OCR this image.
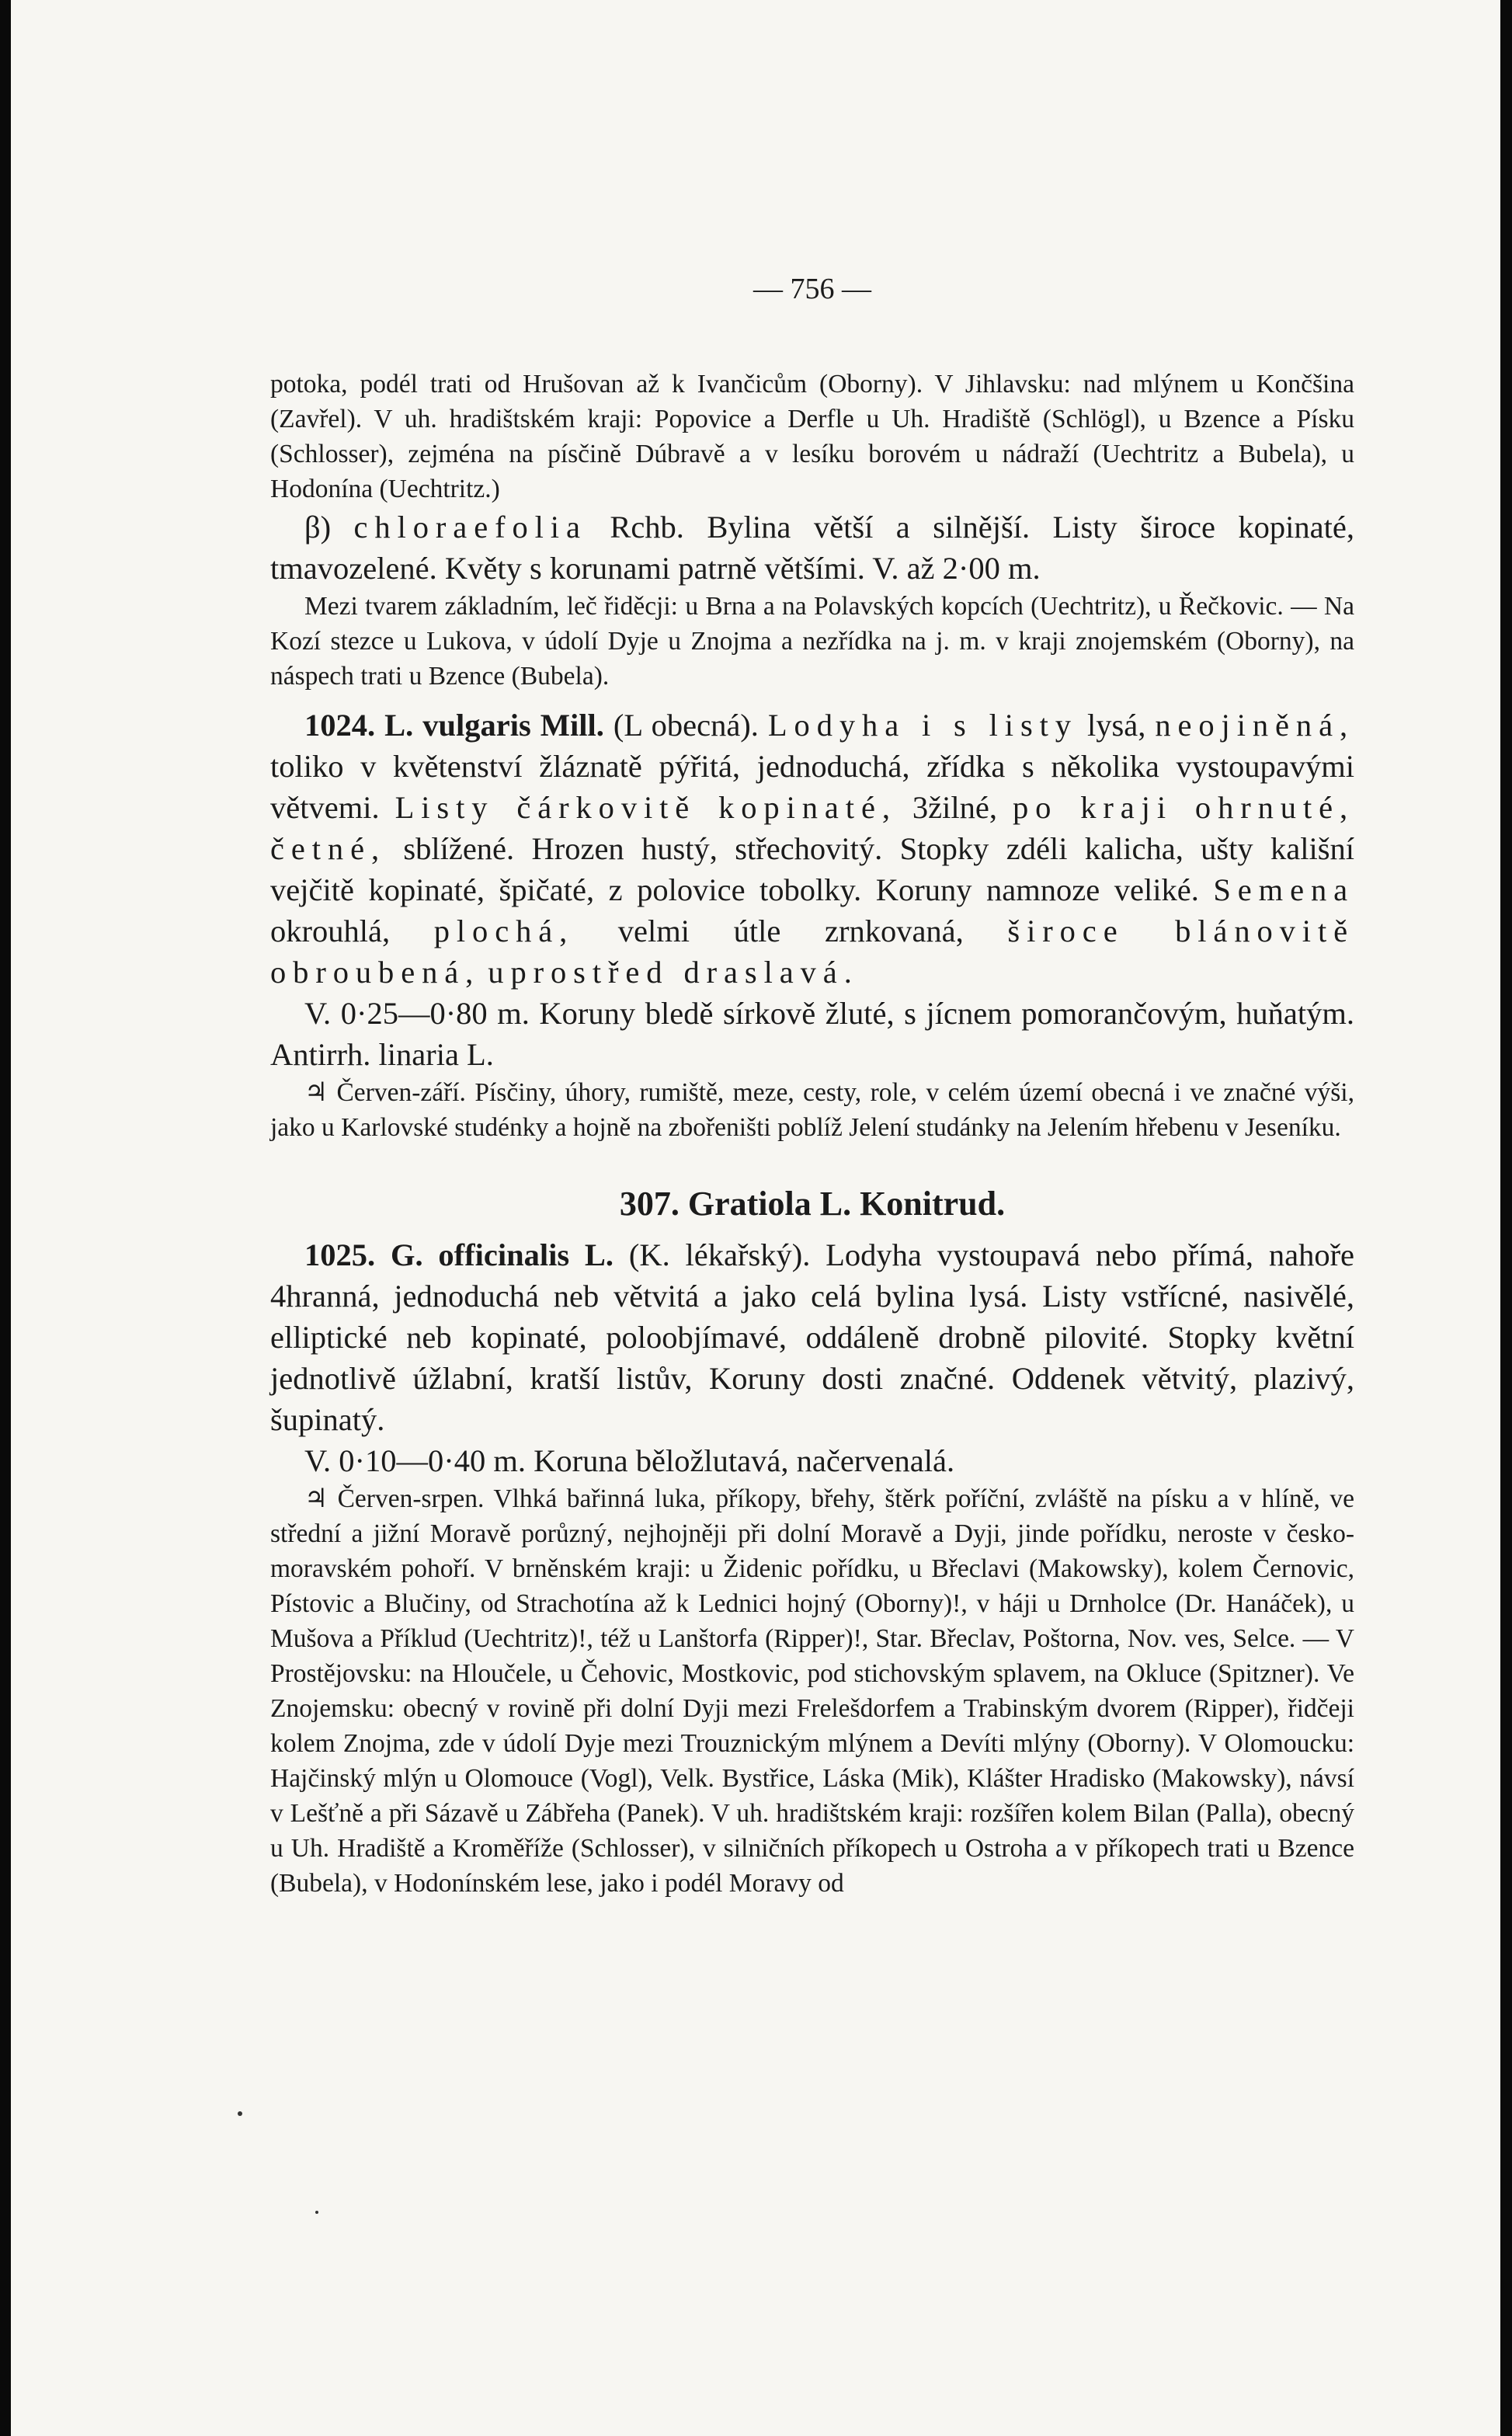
— 756 —

potoka, podél trati od Hrušovan až k Ivančicům (Oborny). V Jihlavsku: nad mlýnem u Končšina (Zavřel). V uh. hradištském kraji: Popovice a Derfle u Uh. Hradiště (Schlögl), u Bzence a Písku (Schlosser), zejména na písčině Dúbravě a v lesíku borovém u nádraží (Uechtritz a Bubela), u Hodonína (Uechtritz.)

β) chloraefolia Rchb. Bylina větší a silnější. Listy široce kopinaté, tmavozelené. Květy s korunami patrně většími. V. až 2·00 m.

Mezi tvarem základním, leč řiděcji: u Brna a na Polavských kopcích (Uechtritz), u Řečkovic. — Na Kozí stezce u Lukova, v údolí Dyje u Znojma a nezřídka na j. m. v kraji znojemském (Oborny), na náspech trati u Bzence (Bubela).

1024. L. vulgaris Mill. (L obecná). Lodyha i s listy lysá, neojiněná, toliko v květenství žláznatě pýřitá, jednoduchá, zřídka s několika vystoupavými větvemi. Listy čárkovitě kopinaté, 3žilné, po kraji ohrnuté, četné, sblížené. Hrozen hustý, střechovitý. Stopky zdéli kalicha, ušty kališní vejčitě kopinaté, špičaté, z polovice tobolky. Koruny namnoze veliké. Semena okrouhlá, plochá, velmi útle zrnkovaná, široce blánovitě obroubená, uprostřed draslavá.

V. 0·25—0·80 m. Koruny bledě sírkově žluté, s jícnem pomorančovým, huňatým. Antirrh. linaria L.

♃ Červen-září. Písčiny, úhory, rumiště, meze, cesty, role, v celém území obecná i ve značné výši, jako u Karlovské studénky a hojně na zbořeništi poblíž Jelení studánky na Jelením hřebenu v Jeseníku.

307. Gratiola L. Konitrud.

1025. G. officinalis L. (K. lékařský). Lodyha vystoupavá nebo přímá, nahoře 4hranná, jednoduchá neb větvitá a jako celá bylina lysá. Listy vstřícné, nasivělé, elliptické neb kopinaté, poloobjímavé, oddáleně drobně pilovité. Stopky květní jednotlivě úžlabní, kratší listův, Koruny dosti značné. Oddenek větvitý, plazivý, šupinatý.

V. 0·10—0·40 m. Koruna běložlutavá, načervenalá.

♃ Červen-srpen. Vlhká bařinná luka, příkopy, břehy, štěrk poříční, zvláště na písku a v hlíně, ve střední a jižní Moravě porůzný, nejhojněji při dolní Moravě a Dyji, jinde pořídku, neroste v česko-moravském pohoří. V brněnském kraji: u Židenic pořídku, u Břeclavi (Makowsky), kolem Černovic, Pístovic a Blučiny, od Strachotína až k Lednici hojný (Oborny)!, v háji u Drnholce (Dr. Hanáček), u Mušova a Příklud (Uechtritz)!, též u Lanštorfa (Ripper)!, Star. Břeclav, Poštorna, Nov. ves, Selce. — V Prostějovsku: na Hloučele, u Čehovic, Mostkovic, pod stichovským splavem, na Okluce (Spitzner). Ve Znojemsku: obecný v rovině při dolní Dyji mezi Frelešdorfem a Trabinským dvorem (Ripper), řidčeji kolem Znojma, zde v údolí Dyje mezi Trouznickým mlýnem a Devíti mlýny (Oborny). V Olomoucku: Hajčinský mlýn u Olomouce (Vogl), Velk. Bystřice, Láska (Mik), Klášter Hradisko (Makowsky), návsí v Lešťně a při Sázavě u Zábřeha (Panek). V uh. hradištském kraji: rozšířen kolem Bilan (Palla), obecný u Uh. Hradiště a Kroměříže (Schlosser), v silničních příkopech u Ostroha a v příkopech trati u Bzence (Bubela), v Hodonínském lese, jako i podél Moravy od
